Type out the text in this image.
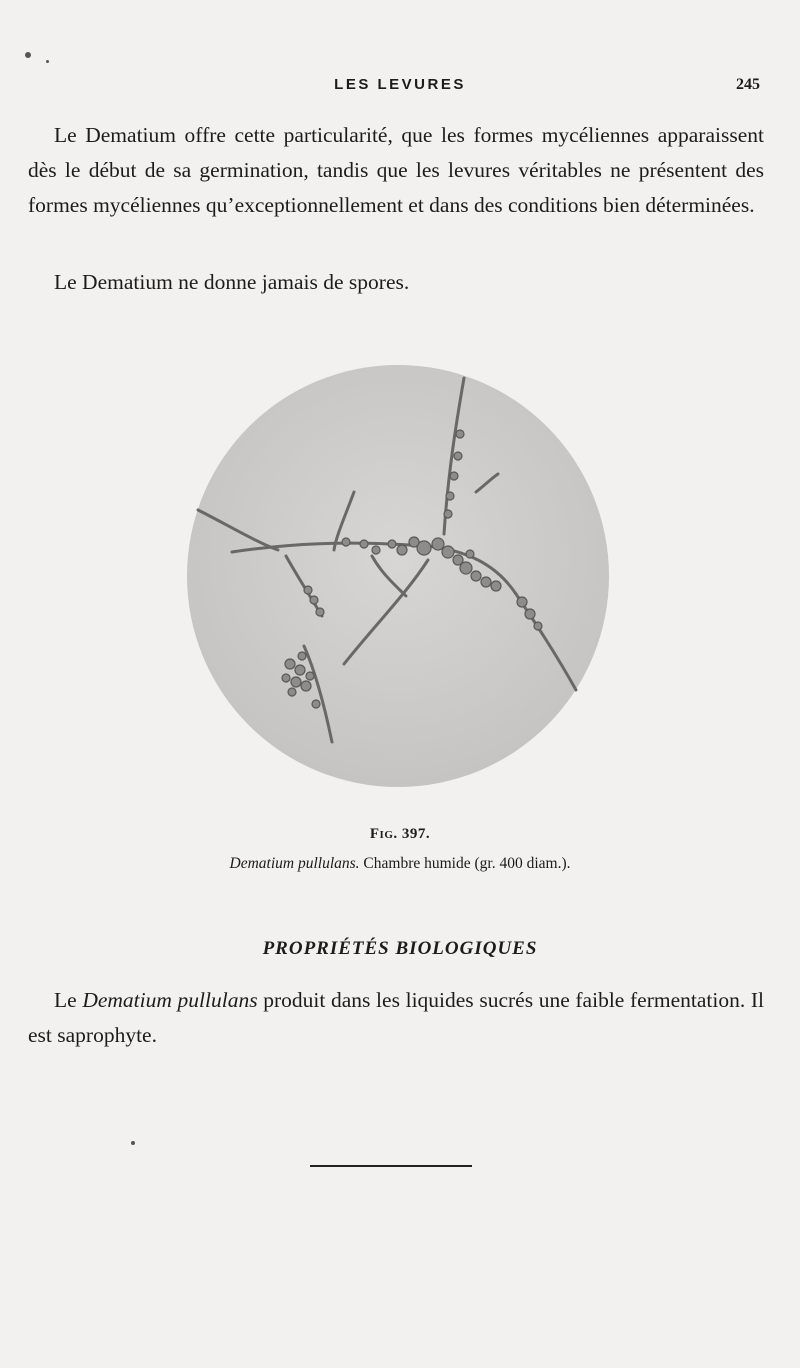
LES LEVURES	245

Le Dematium offre cette particularité, que les formes mycéliennes apparaissent dès le début de sa germination, tandis que les levures véritables ne présentent des formes mycéliennes qu’exceptionnellement et dans des conditions bien déterminées.

Le Dematium ne donne jamais de spores.

Fig. 397.
Dematium pullulans. Chambre humide (gr. 400 diam.).
PROPRIÉTÉS BIOLOGIQUES

Le Dematium pullulans produit dans les liquides sucrés une faible fermentation. Il est saprophyte.
